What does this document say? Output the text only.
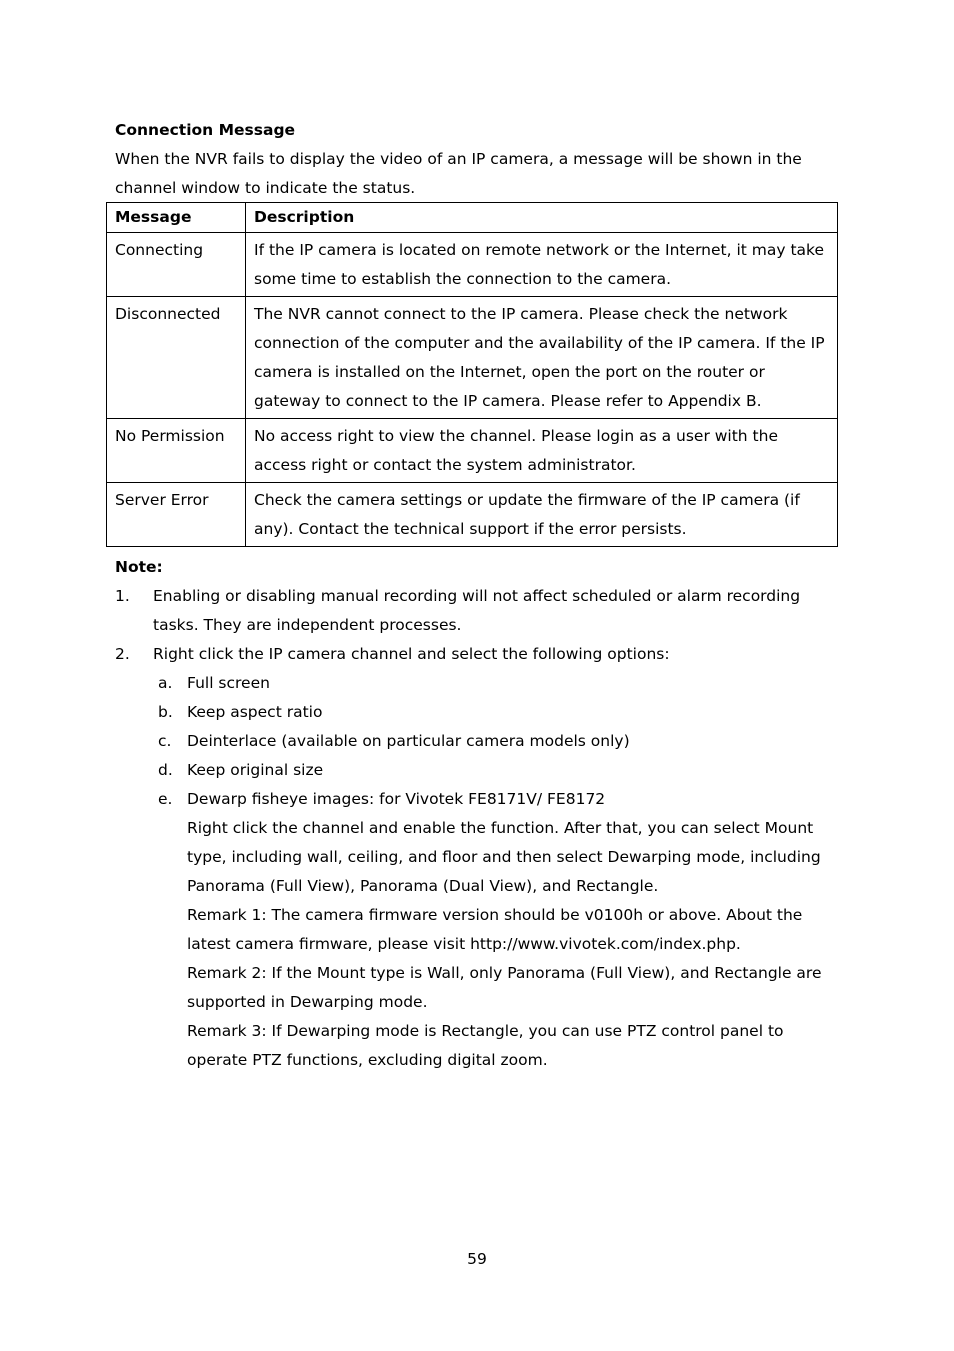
Connection Message
When the NVR fails to display the video of an IP camera, a message will be shown in the channel window to indicate the status.
Message	Description
Connecting	If the IP camera is located on remote network or the Internet, it may take some time to establish the connection to the camera.
Disconnected	The NVR cannot connect to the IP camera. Please check the network connection of the computer and the availability of the IP camera. If the IP camera is installed on the Internet, open the port on the router or gateway to connect to the IP camera. Please refer to Appendix B.
No Permission	No access right to view the channel. Please login as a user with the access right or contact the system administrator.
Server Error	Check the camera settings or update the firmware of the IP camera (if any). Contact the technical support if the error persists.
Note:
1. Enabling or disabling manual recording will not affect scheduled or alarm recording tasks. They are independent processes.
2. Right click the IP camera channel and select the following options:
a. Full screen
b. Keep aspect ratio
c. Deinterlace (available on particular camera models only)
d. Keep original size
e. Dewarp fisheye images: for Vivotek FE8171V/ FE8172
Right click the channel and enable the function. After that, you can select Mount type, including wall, ceiling, and floor and then select Dewarping mode, including Panorama (Full View), Panorama (Dual View), and Rectangle.
Remark 1: The camera firmware version should be v0100h or above. About the latest camera firmware, please visit http://www.vivotek.com/index.php.
Remark 2: If the Mount type is Wall, only Panorama (Full View), and Rectangle are supported in Dewarping mode.
Remark 3: If Dewarping mode is Rectangle, you can use PTZ control panel to operate PTZ functions, excluding digital zoom.
59
